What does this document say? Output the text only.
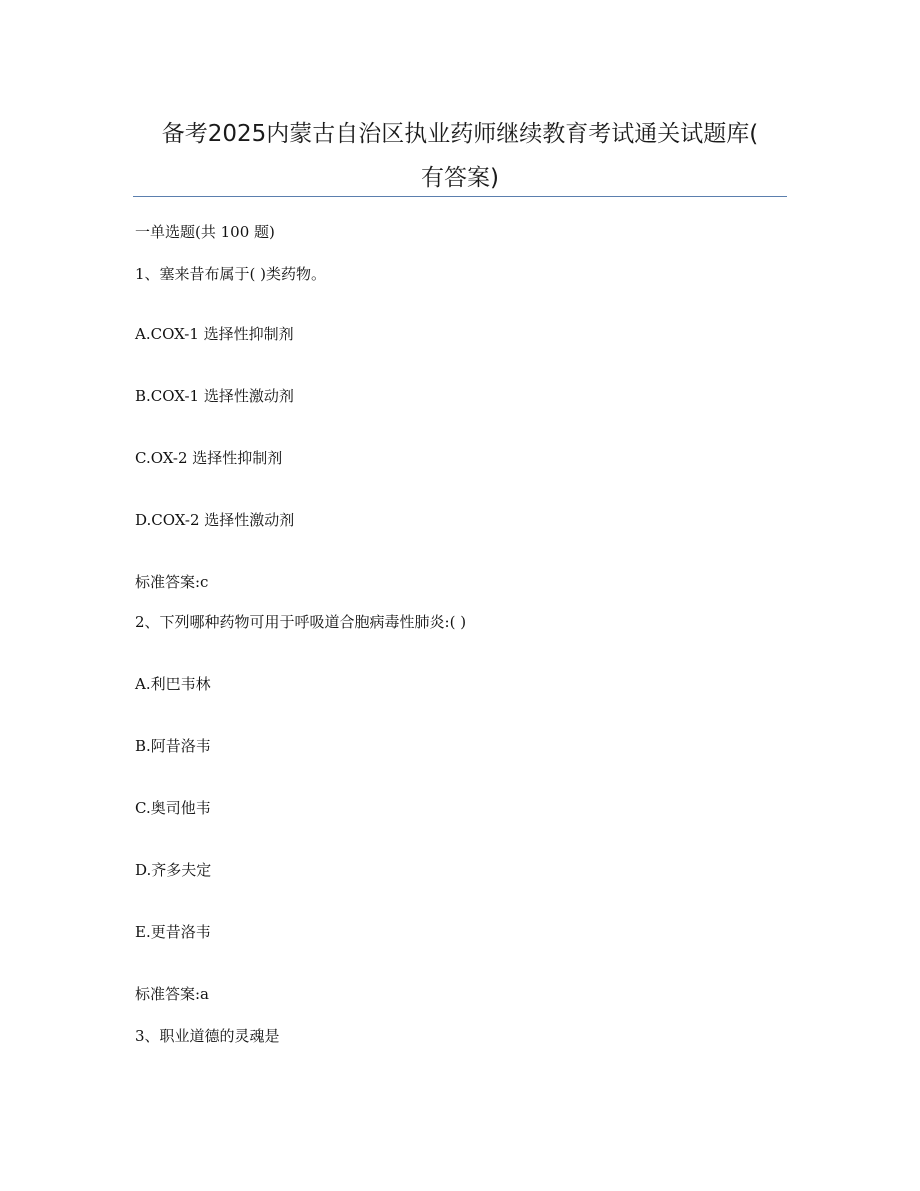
备考2025内蒙古自治区执业药师继续教育考试通关试题库(
有答案)
一单选题(共 100 题)
1、塞来昔布属于( )类药物。
A.COX-1 选择性抑制剂
B.COX-1 选择性激动剂
C.OX-2 选择性抑制剂
D.COX-2 选择性激动剂
标准答案:c
2、下列哪种药物可用于呼吸道合胞病毒性肺炎:( )
A.利巴韦林
B.阿昔洛韦
C.奥司他韦
D.齐多夫定
E.更昔洛韦
标准答案:a
3、职业道德的灵魂是
